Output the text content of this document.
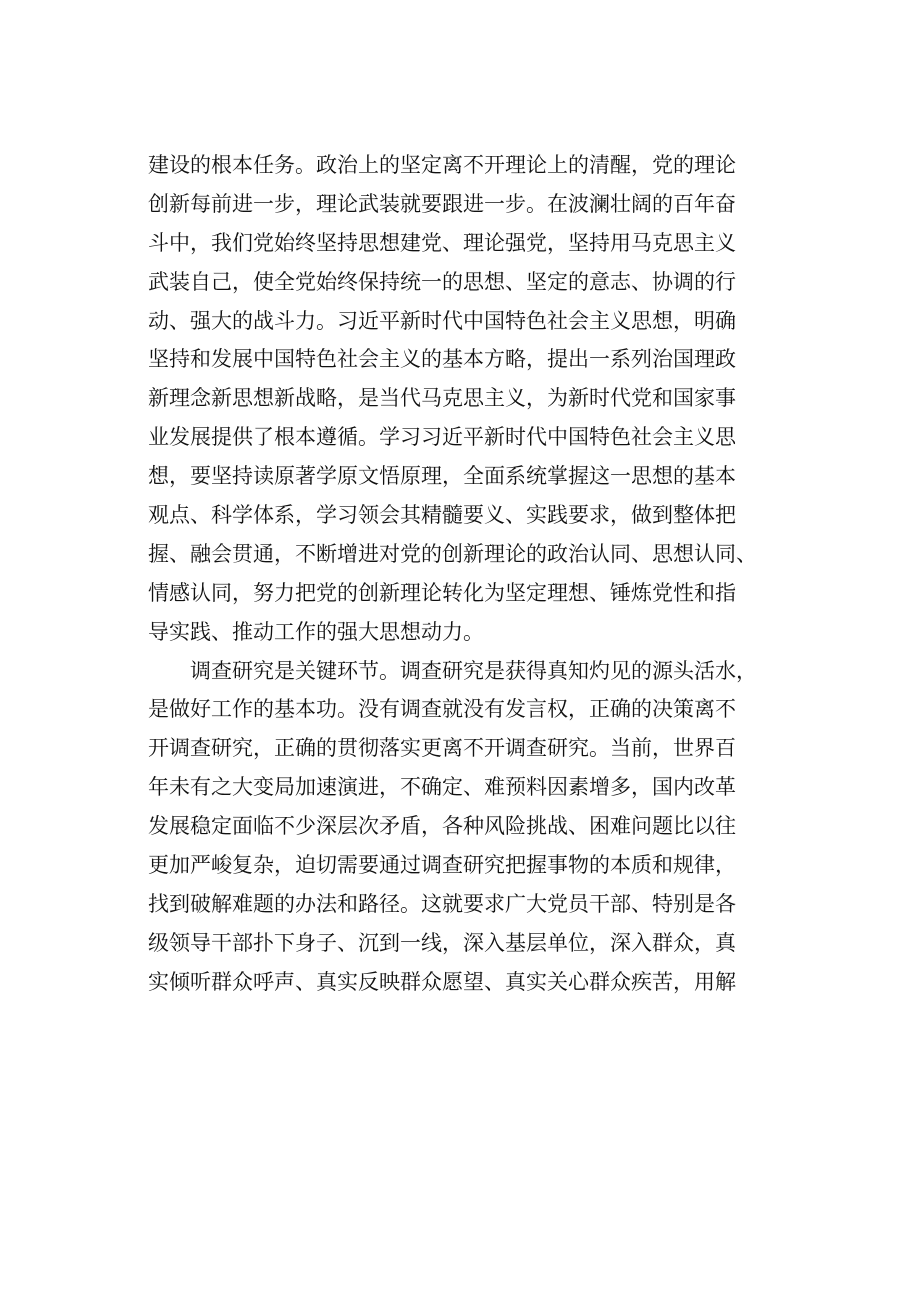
建设的根本任务。政治上的坚定离不开理论上的清醒，党的理论
创新每前进一步，理论武装就要跟进一步。在波澜壮阔的百年奋
斗中，我们党始终坚持思想建党、理论强党，坚持用马克思主义
武装自己，使全党始终保持统一的思想、坚定的意志、协调的行
动、强大的战斗力。习近平新时代中国特色社会主义思想，明确
坚持和发展中国特色社会主义的基本方略，提出一系列治国理政
新理念新思想新战略，是当代马克思主义，为新时代党和国家事
业发展提供了根本遵循。学习习近平新时代中国特色社会主义思
想，要坚持读原著学原文悟原理，全面系统掌握这一思想的基本
观点、科学体系，学习领会其精髓要义、实践要求，做到整体把
握、融会贯通，不断增进对党的创新理论的政治认同、思想认同、
情感认同，努力把党的创新理论转化为坚定理想、锤炼党性和指
导实践、推动工作的强大思想动力。
调查研究是关键环节。调查研究是获得真知灼见的源头活水，
是做好工作的基本功。没有调查就没有发言权，正确的决策离不
开调查研究，正确的贯彻落实更离不开调查研究。当前，世界百
年未有之大变局加速演进，不确定、难预料因素增多，国内改革
发展稳定面临不少深层次矛盾，各种风险挑战、困难问题比以往
更加严峻复杂，迫切需要通过调查研究把握事物的本质和规律，
找到破解难题的办法和路径。这就要求广大党员干部、特别是各
级领导干部扑下身子、沉到一线，深入基层单位，深入群众，真
实倾听群众呼声、真实反映群众愿望、真实关心群众疾苦，用解
